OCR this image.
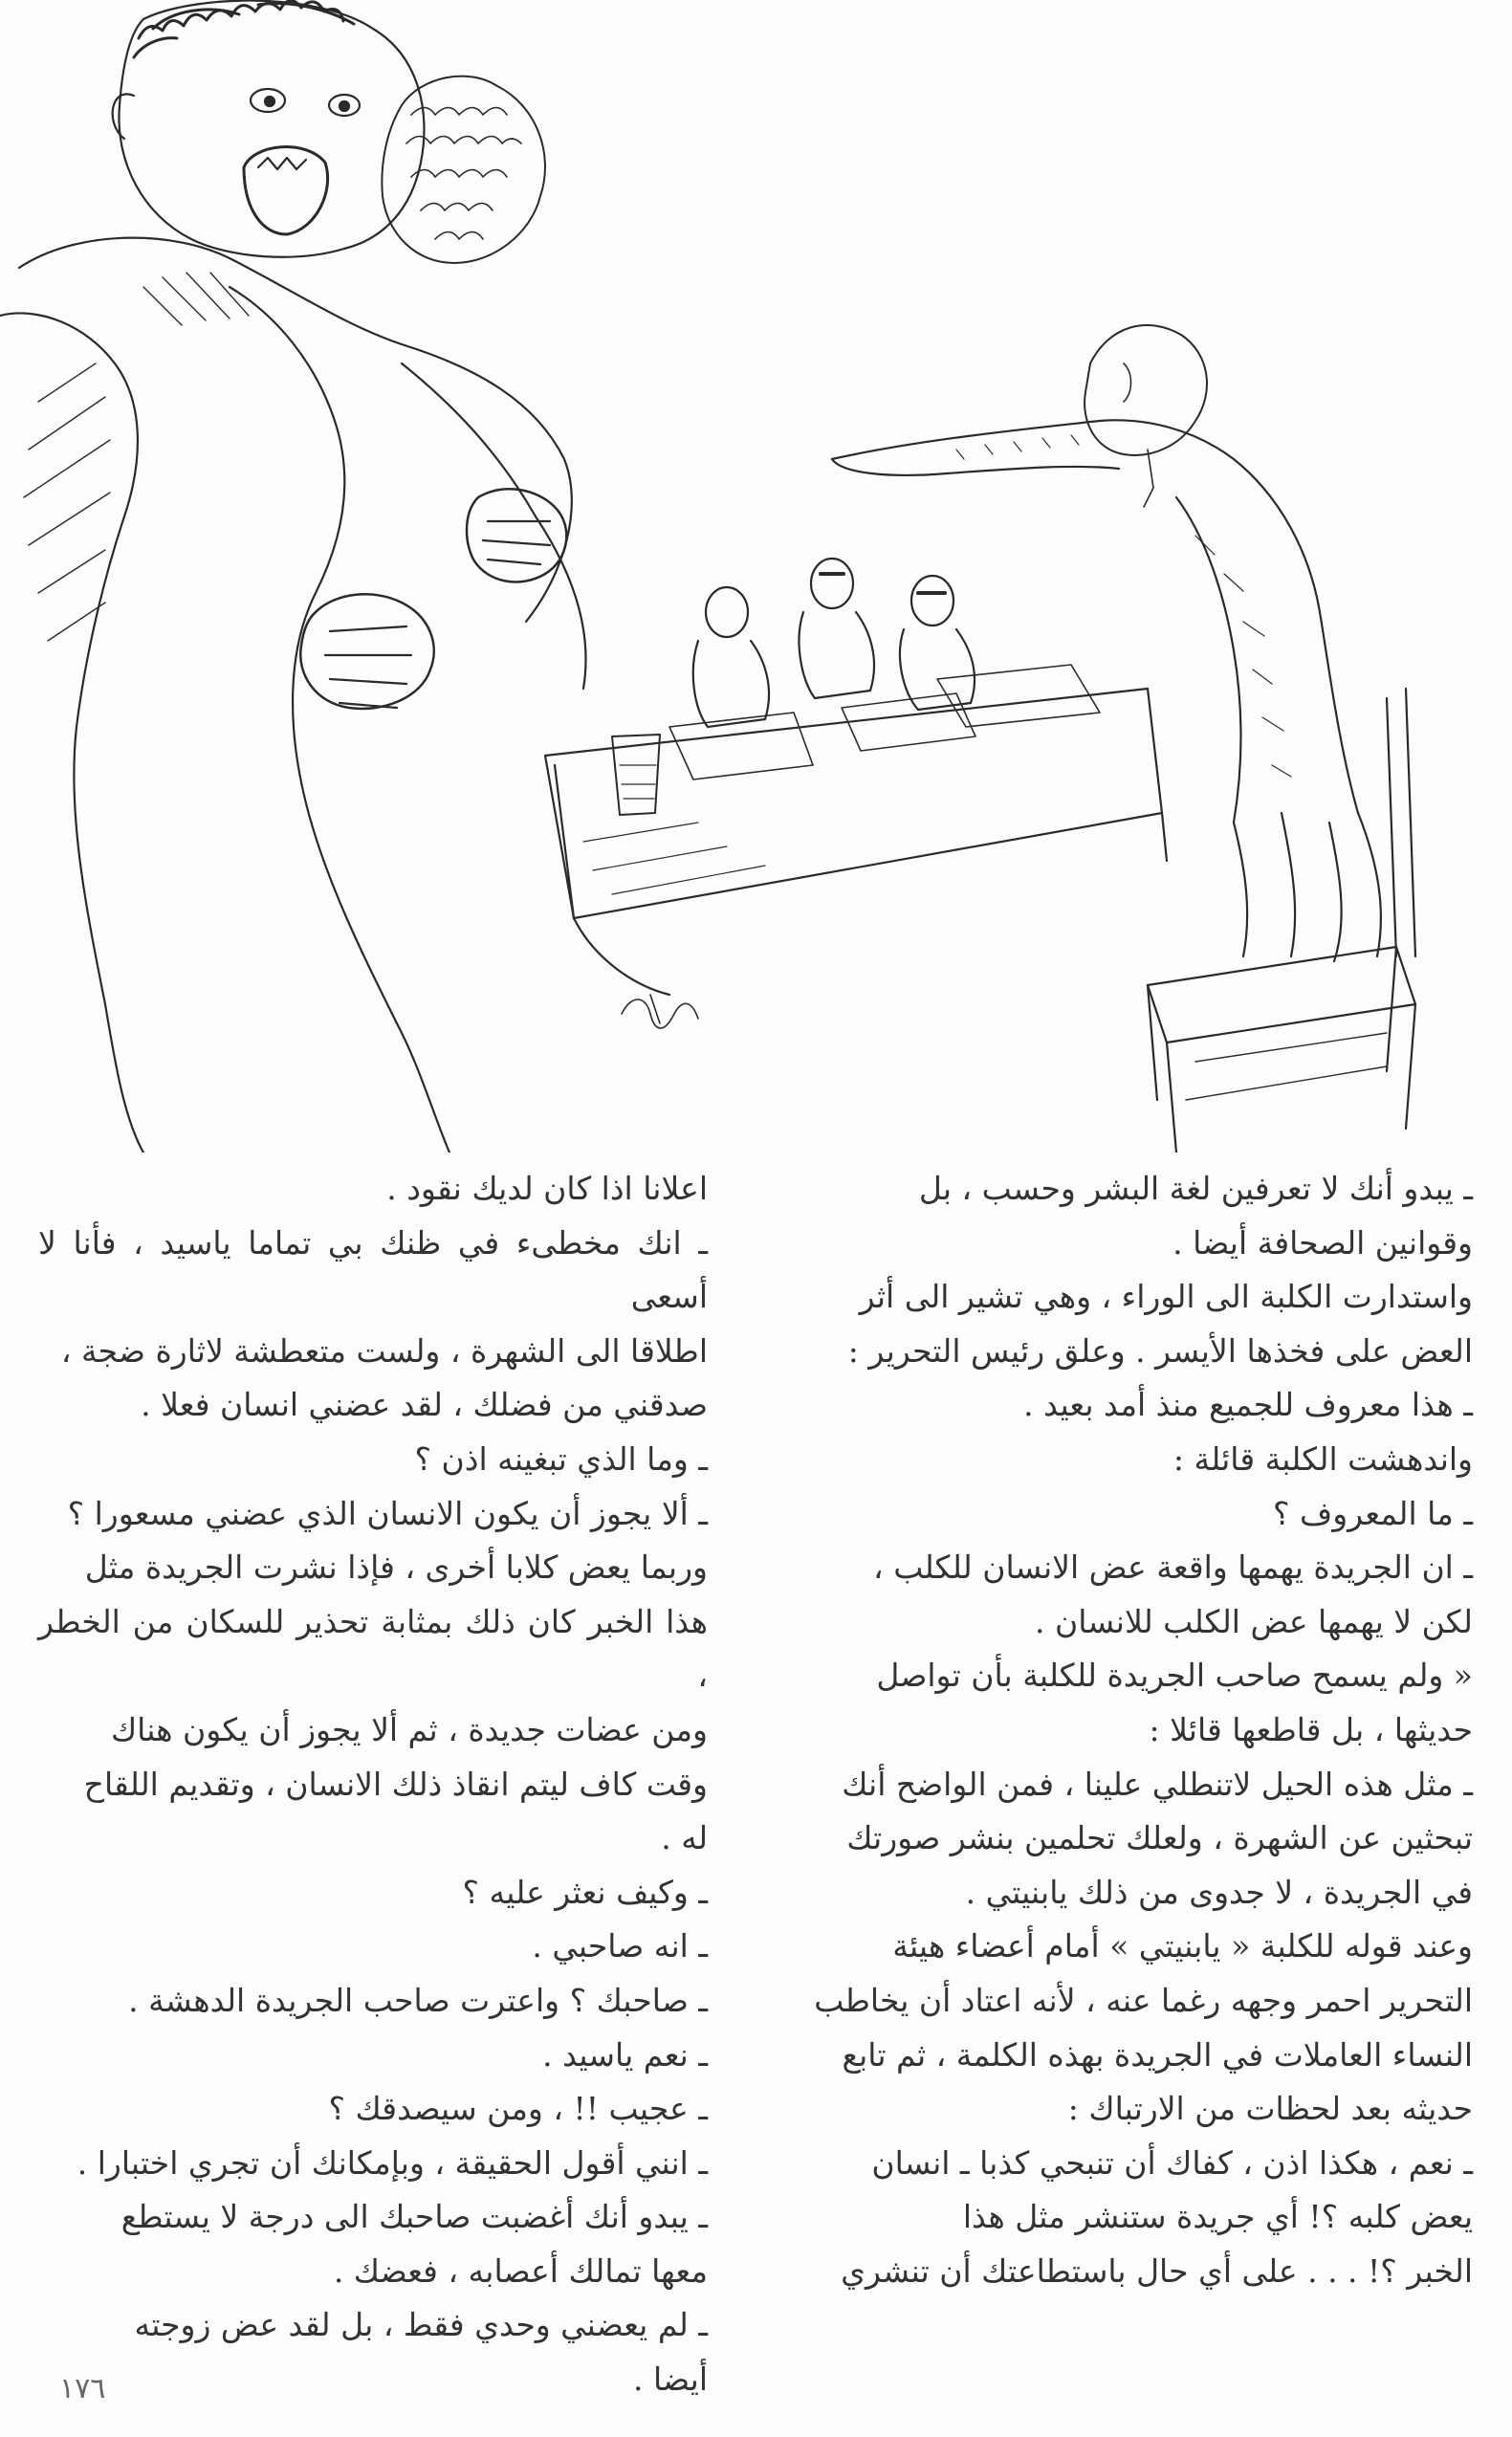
ـ يبدو أنك لا تعرفين لغة البشر وحسب ، بل

وقوانين الصحافة أيضا .

واستدارت الكلبة الى الوراء ، وهي تشير الى أثر

العض على فخذها الأيسر . وعلق رئيس التحرير :

ـ هذا معروف للجميع منذ أمد بعيد .

واندهشت الكلبة قائلة :

ـ ما المعروف ؟

ـ ان الجريدة يهمها واقعة عض الانسان للكلب ،

لكن لا يهمها عض الكلب للانسان .

« ولم يسمح صاحب الجريدة للكلبة بأن تواصل

حديثها ، بل قاطعها قائلا :

ـ مثل هذه الحيل لاتنطلي علينا ، فمن الواضح أنك

تبحثين عن الشهرة ، ولعلك تحلمين بنشر صورتك

في الجريدة ، لا جدوى من ذلك يابنيتي .

وعند قوله للكلبة « يابنيتي » أمام أعضاء هيئة

التحرير احمر وجهه رغما عنه ، لأنه اعتاد أن يخاطب

النساء العاملات في الجريدة بهذه الكلمة ، ثم تابع

حديثه بعد لحظات من الارتباك :

ـ نعم ، هكذا اذن ، كفاك أن تنبحي كذبا ـ انسان

يعض كلبه ؟! أي جريدة ستنشر مثل هذا

الخبر ؟! . . . على أي حال باستطاعتك أن تنشري

اعلانا اذا كان لديك نقود .

ـ انك مخطىء في ظنك بي تماما ياسيد ، فأنا لا أسعى

اطلاقا الى الشهرة ، ولست متعطشة لاثارة ضجة ،

صدقني من فضلك ، لقد عضني انسان فعلا .

ـ وما الذي تبغينه اذن ؟

ـ ألا يجوز أن يكون الانسان الذي عضني مسعورا ؟

وربما يعض كلابا أخرى ، فإذا نشرت الجريدة مثل

هذا الخبر كان ذلك بمثابة تحذير للسكان من الخطر ،

ومن عضات جديدة ، ثم ألا يجوز أن يكون هناك

وقت كاف ليتم انقاذ ذلك الانسان ، وتقديم اللقاح

له .

ـ وكيف نعثر عليه ؟

ـ انه صاحبي .

ـ صاحبك ؟ واعترت صاحب الجريدة الدهشة .

ـ نعم ياسيد .

ـ عجيب !! ، ومن سيصدقك ؟

ـ انني أقول الحقيقة ، وبإمكانك أن تجري اختبارا .

ـ يبدو أنك أغضبت صاحبك الى درجة لا يستطع

معها تمالك أعصابه ، فعضك .

ـ لم يعضني وحدي فقط ، بل لقد عض زوجته

أيضا .

١٧٦
